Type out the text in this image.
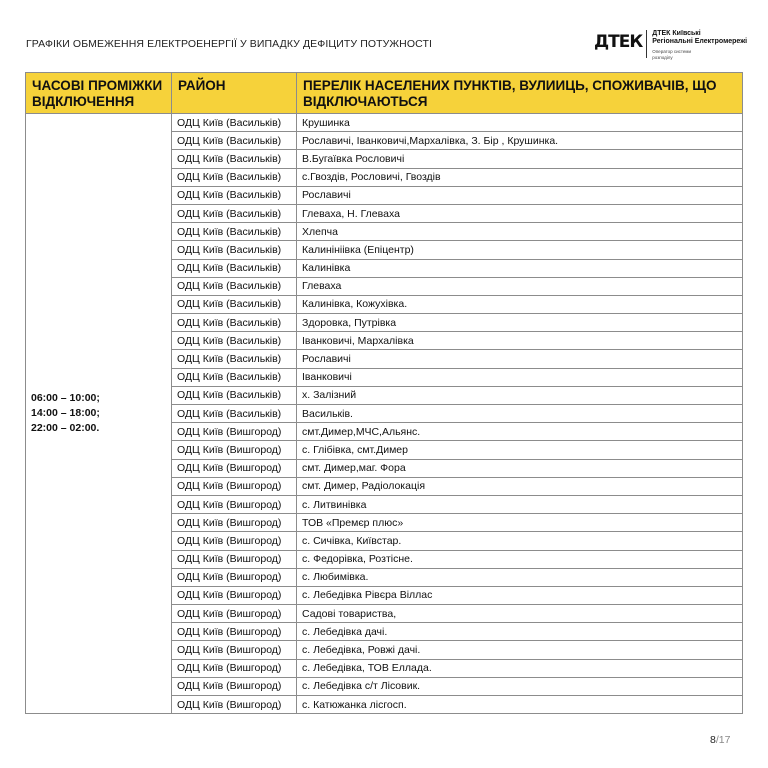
ГРАФІКИ ОБМЕЖЕННЯ ЕЛЕКТРОЕНЕРГІЇ У ВИПАДКУ ДЕФІЦИТУ ПОТУЖНОСТІ	ДТЕК ДТЕК Київські
Регіональні Електромережі
Оператор системи
розподілу
ЧАСОВІ ПРОМІЖКИ ВІДКЛЮЧЕННЯ	РАЙОН	ПЕРЕЛІК НАСЕЛЕНИХ ПУНКТІВ, ВУЛИИЦЬ, СПОЖИВАЧІВ, ЩО ВІДКЛЮЧАЮТЬСЯ

06:00 – 10:00;
14:00 – 18:00;
22:00 – 02:00.	ОДЦ Київ (Васильків)	Крушинка
	ОДЦ Київ (Васильків)	Рославичі, Іванковичі,Мархалівка, З. Бір , Крушинка.
	ОДЦ Київ (Васильків)	В.Бугаївка Рословичі
	ОДЦ Київ (Васильків)	с.Гвоздів, Рословичі, Гвоздів
	ОДЦ Київ (Васильків)	Рославичі
	ОДЦ Київ (Васильків)	Глеваха, Н. Глеваха
	ОДЦ Київ (Васильків)	Хлепча
	ОДЦ Київ (Васильків)	Калинініівка (Епіцентр)
	ОДЦ Київ (Васильків)	Калинівка
	ОДЦ Київ (Васильків)	Глеваха
	ОДЦ Київ (Васильків)	Калинівка, Кожухівка.
	ОДЦ Київ (Васильків)	Здоровка, Путрівка
	ОДЦ Київ (Васильків)	Іванковичі, Мархалівка
	ОДЦ Київ (Васильків)	Рославичі
	ОДЦ Київ (Васильків)	Іванковичі
	ОДЦ Київ (Васильків)	х. Залізний
	ОДЦ Київ (Васильків)	Васильків.
	ОДЦ Київ (Вишгород)	смт.Димер,МЧС,Альянс.
	ОДЦ Київ (Вишгород)	с. Глібівка, смт.Димер
	ОДЦ Київ (Вишгород)	смт. Димер,маг. Фора
	ОДЦ Київ (Вишгород)	смт. Димер, Радіолокація
	ОДЦ Київ (Вишгород)	с. Литвинівка
	ОДЦ Київ (Вишгород)	ТОВ «Премєр плюс»
	ОДЦ Київ (Вишгород)	с. Сичівка, Київстар.
	ОДЦ Київ (Вишгород)	с. Федорівка, Розтісне.
	ОДЦ Київ (Вишгород)	с. Любимівка.
	ОДЦ Київ (Вишгород)	с. Лебедівка Рівєра Віллас
	ОДЦ Київ (Вишгород)	Садові товариства,
	ОДЦ Київ (Вишгород)	с. Лебедівка дачі.
	ОДЦ Київ (Вишгород)	с. Лебедівка, Ровжі дачі.
	ОДЦ Київ (Вишгород)	с. Лебедівка, ТОВ Еллада.
	ОДЦ Київ (Вишгород)	с. Лебедівка с/т Лісовик.
	ОДЦ Київ (Вишгород)	с. Катюжанка лісгосп.
8/17
